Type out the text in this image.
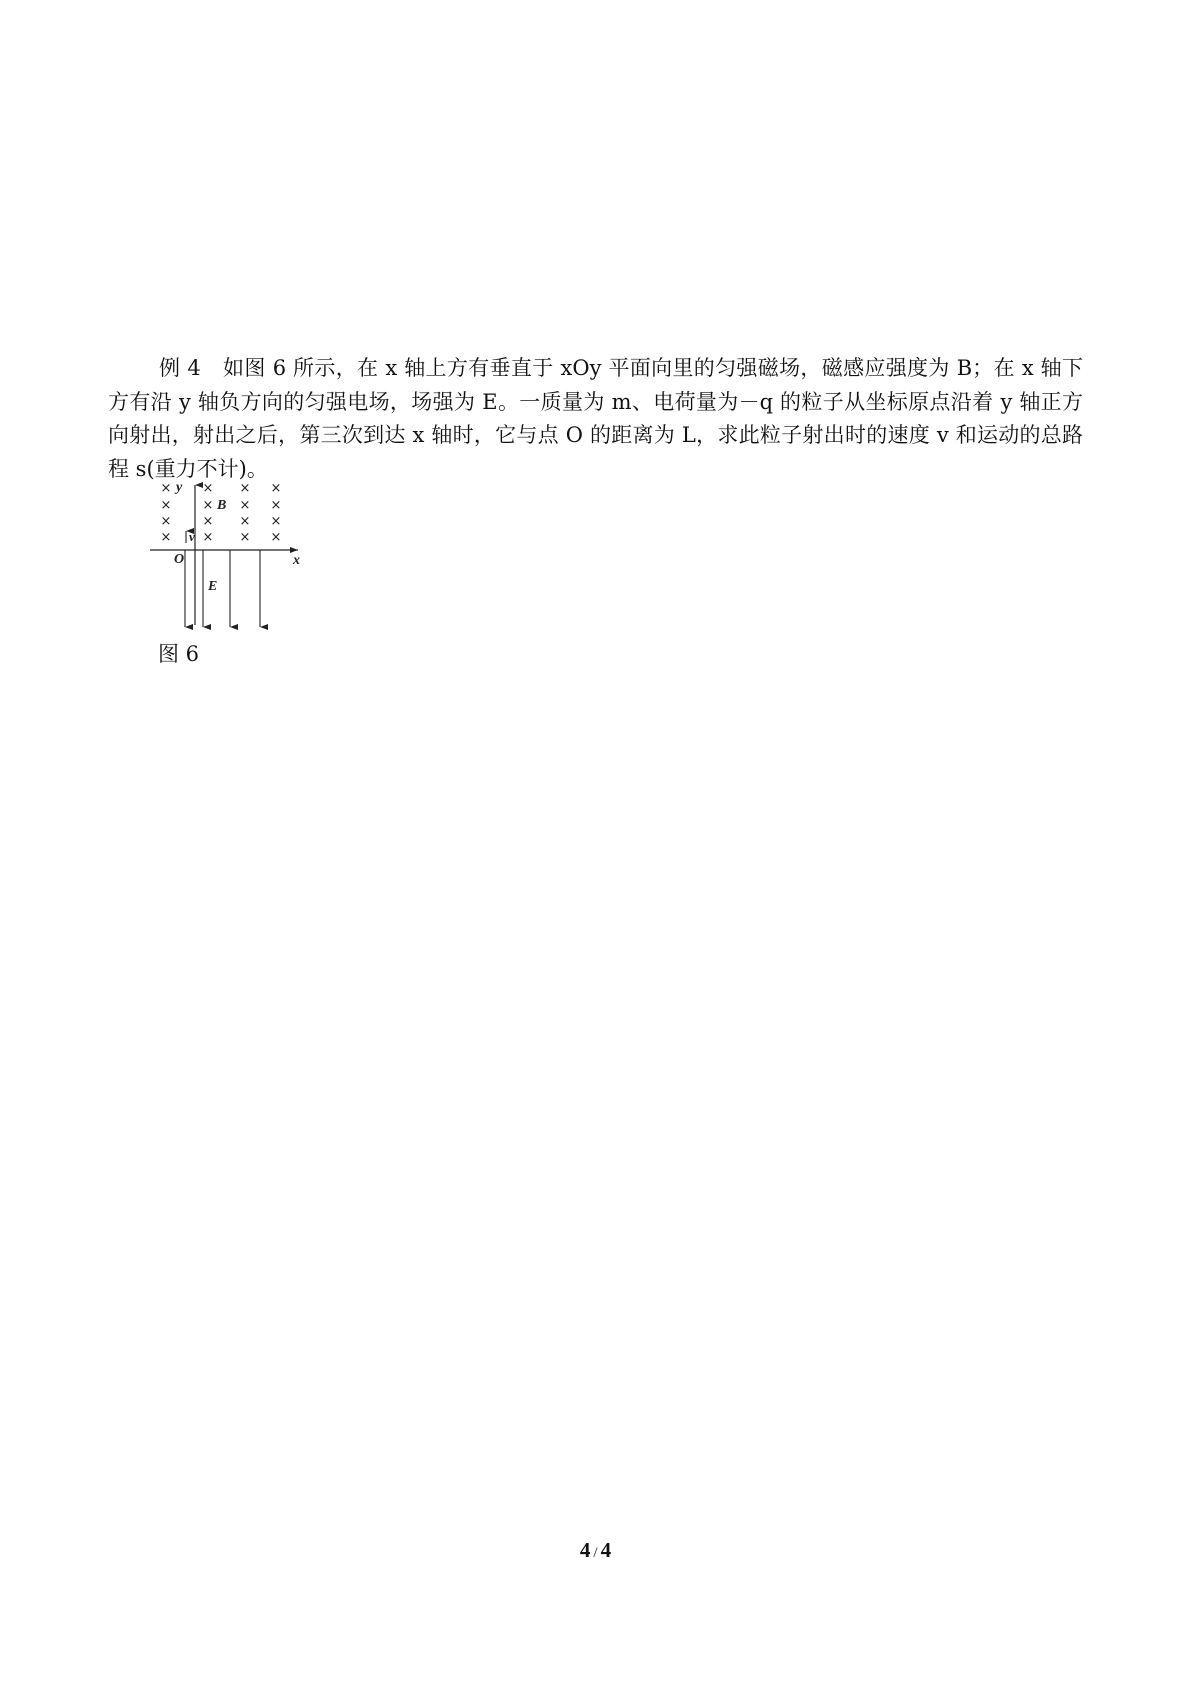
例 4 如图 6 所示，在 x 轴上方有垂直于 xOy 平面向里的匀强磁场，磁感应强度为 B；在 x 轴下方有沿 y 轴负方向的匀强电场，场强为 E。一质量为 m、电荷量为－q 的粒子从坐标原点沿着 y 轴正方向射出，射出之后，第三次到达 x 轴时，它与点 O 的距离为 L，求此粒子射出时的速度 v 和运动的总路程 s(重力不计)。

× × × ×
× × × ×
× × × ×
× × × ×
y
x
O
v
B
E
图 6
4 / 4
